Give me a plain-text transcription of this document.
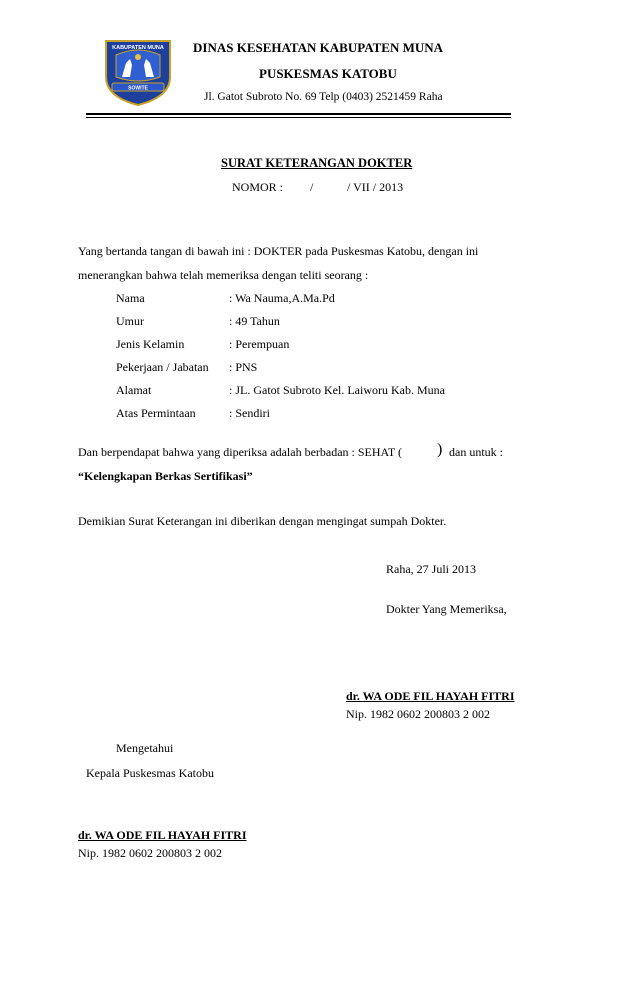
KABUPATEN MUNA
SOWITE
DINAS KESEHATAN KABUPATEN MUNA
PUSKESMAS KATOBU
Jl. Gatot Subroto No. 69 Telp (0403) 2521459 Raha
SURAT KETERANGAN DOKTER
NOMOR : /	/ VII / 2013
Yang bertanda tangan di bawah ini : DOKTER pada Puskesmas Katobu, dengan ini
menerangkan bahwa telah memeriksa dengan teliti seorang :
Nama	: Wa Nauma,A.Ma.Pd
Umur	: 49 Tahun
Jenis Kelamin	: Perempuan
Pekerjaan / Jabatan : PNS
Alamat	: JL. Gatot Subroto Kel. Laiworu Kab. Muna
Atas Permintaan	: Sendiri
Dan berpendapat bahwa yang diperiksa adalah berbadan : SEHAT ( ) dan untuk :
“Kelengkapan Berkas Sertifikasi”
Demikian Surat Keterangan ini diberikan dengan mengingat sumpah Dokter.
Raha, 27 Juli 2013
Dokter Yang Memeriksa,
dr. WA ODE FIL HAYAH FITRI
Nip. 1982 0602 200803 2 002
Mengetahui
Kepala Puskesmas Katobu
dr. WA ODE FIL HAYAH FITRI
Nip. 1982 0602 200803 2 002
